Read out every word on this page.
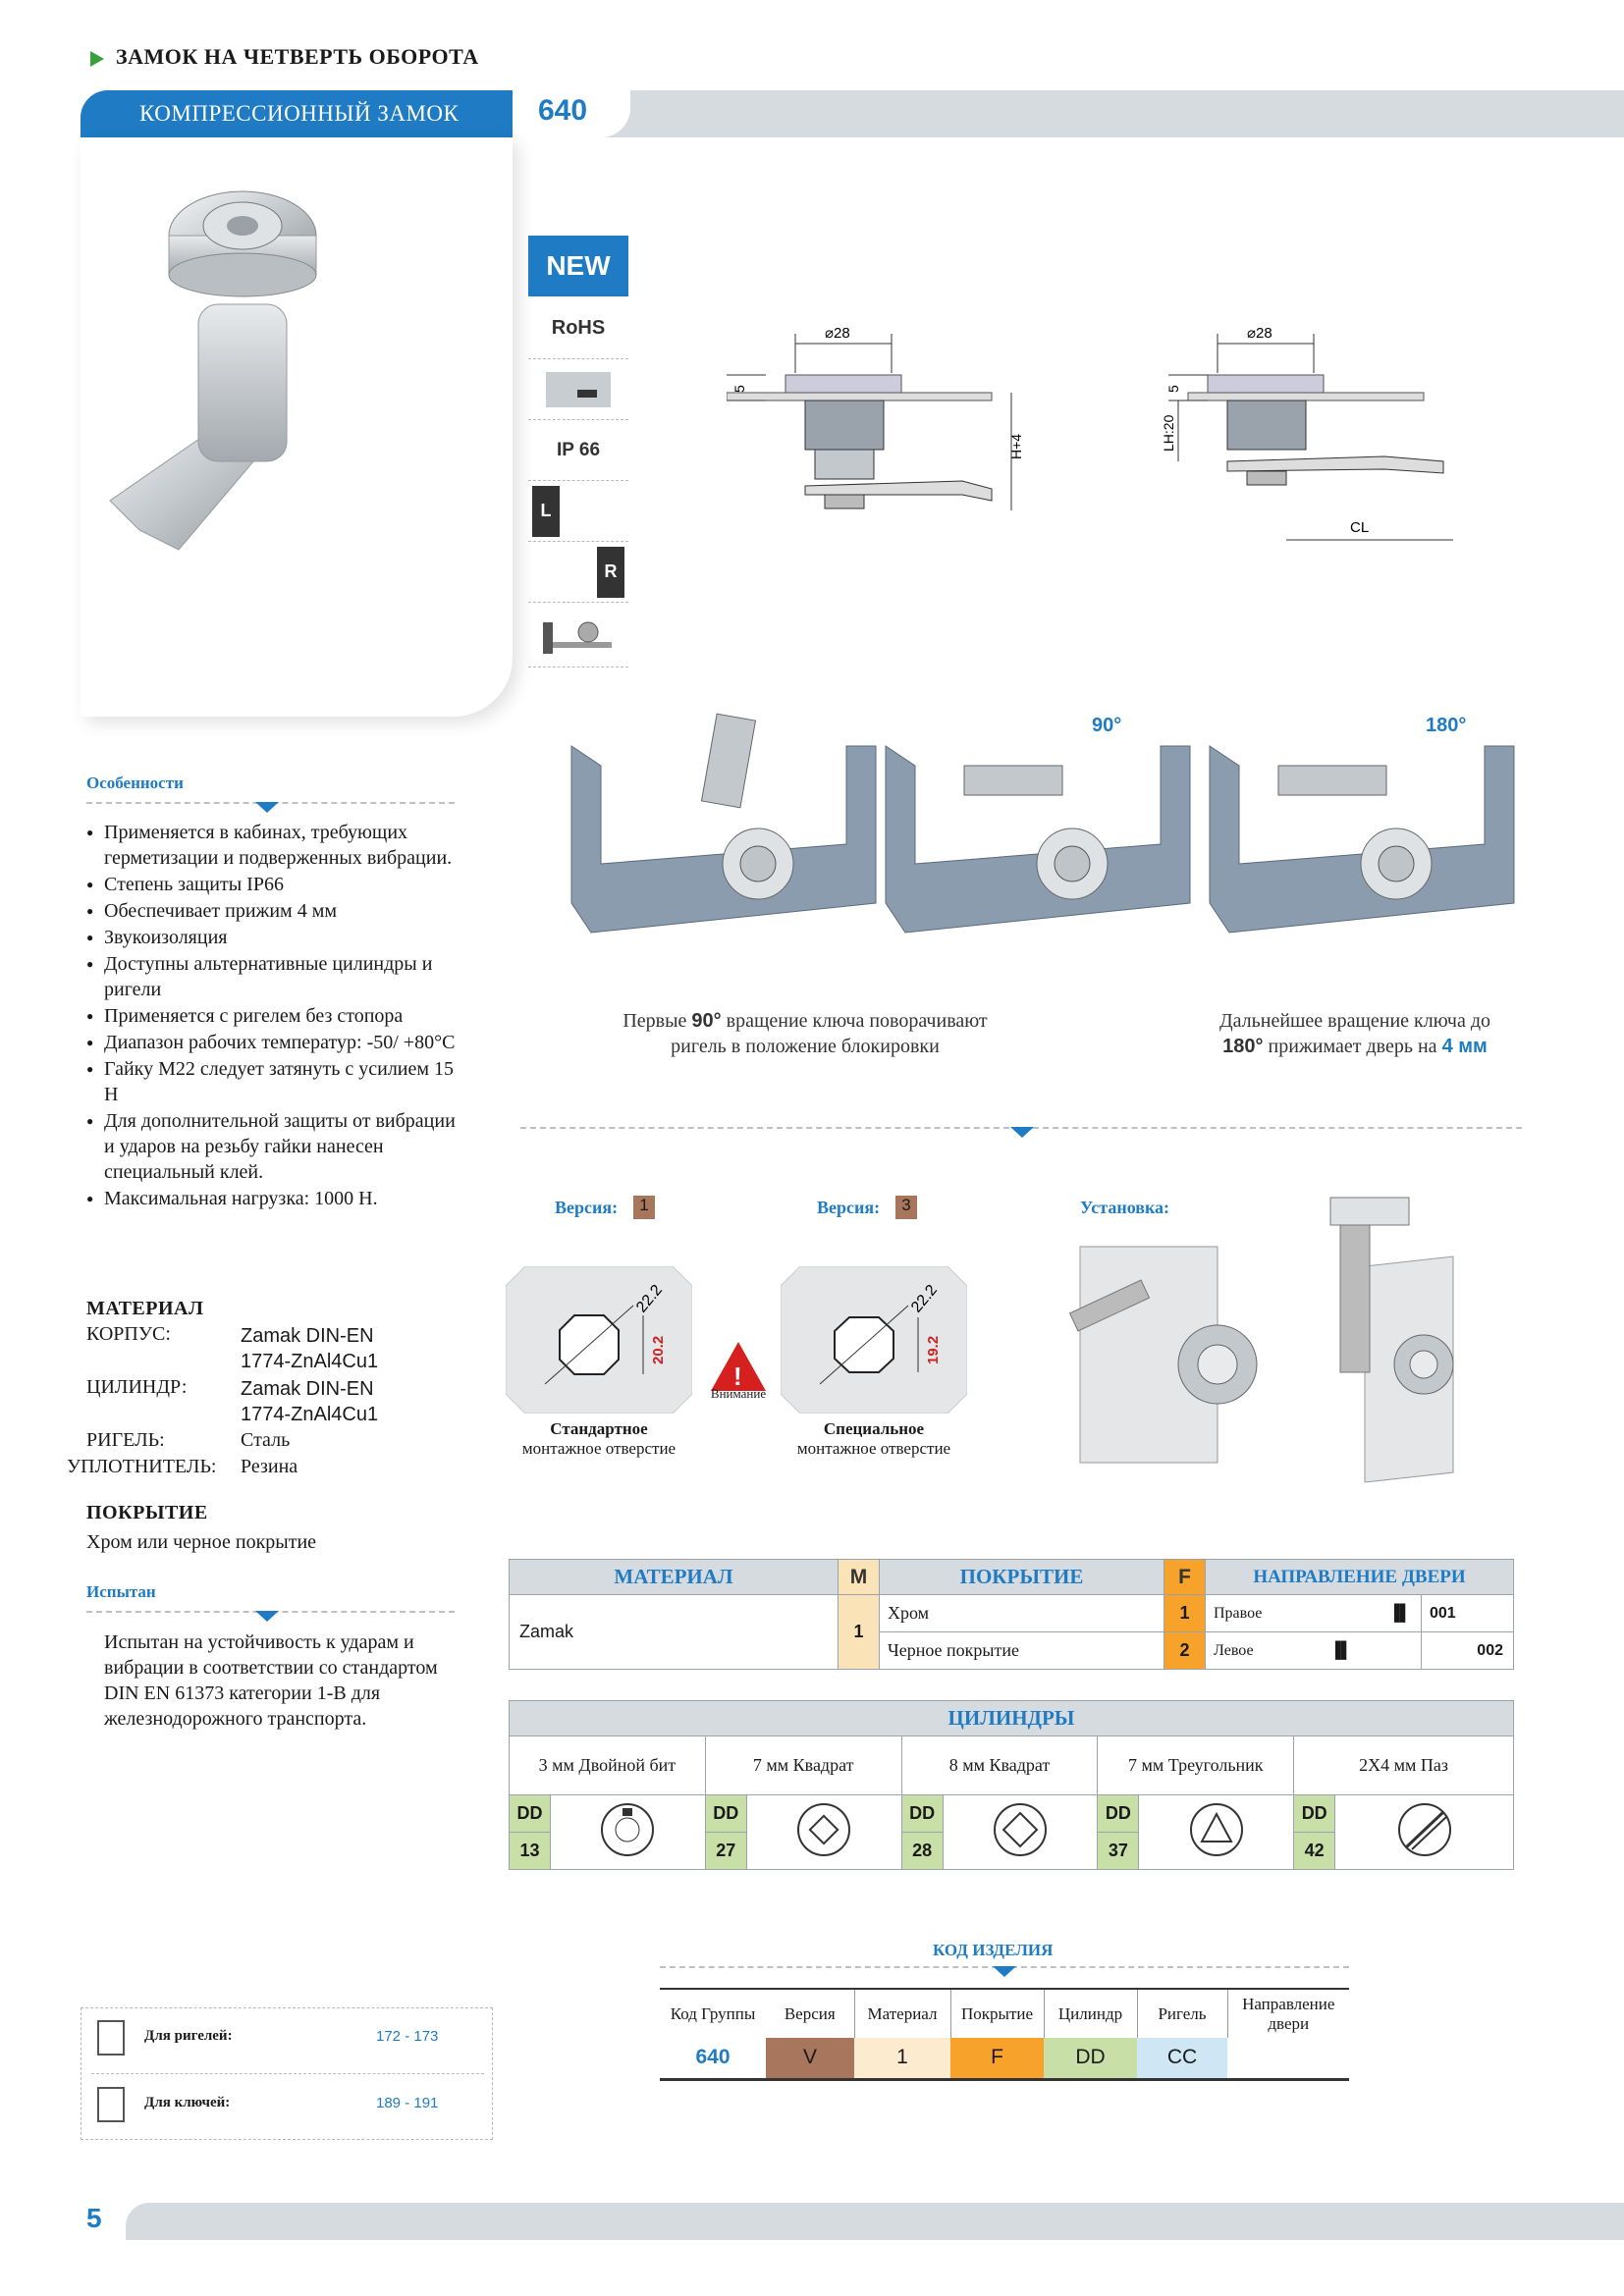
ЗАМОК НА ЧЕТВЕРТЬ ОБОРОТА
КОМПРЕССИОННЫЙ ЗАМОК	640
NEW
RoHS
IP 66
L
R
⌀28
5
H+4
⌀28
5
LH:20
CL
90°	180°
Первые 90° вращение ключа поворачивают
ригель в положение блокировки
Дальнейшее вращение ключа до
180° прижимает дверь на 4 мм
Особенности
● Применяется в кабинах, требующих герметизации и подверженных вибрации.
● Степень защиты IP66
● Обеспечивает прижим 4 мм
● Звукоизоляция
● Доступны альтернативные цилиндры и ригели
● Применяется с ригелем без стопора
● Диапазон рабочих температур: -50/ +80°С
● Гайку М22 следует затянуть с усилием 15 Н
● Для дополнительной защиты от вибрации и ударов на резьбу гайки нанесен специальный клей.
● Максимальная нагрузка: 1000 Н.
МАТЕРИАЛ
КОРПУС:	Zamak DIN-EN 1774-ZnAl4Cu1
ЦИЛИНДР:	Zamak DIN-EN 1774-ZnAl4Cu1
РИГЕЛЬ:	Сталь
УПЛОТНИТЕЛЬ: Резина
ПОКРЫТИЕ
Хром или черное покрытие
Испытан
Испытан на устойчивость к ударам и вибрации в соответствии со стандартом DIN EN 61373 категории 1-B для железнодорожного транспорта.
Версия:	1	Версия:	3	Установка:
22.2
20.2
Стандартное
монтажное отверстие
!
Внимание
22.2
19.2
Специальное
монтажное отверстие
МАТЕРИАЛ	M	ПОКРЫТИЕ	F	НАПРАВЛЕНИЕ ДВЕРИ	
Zamak	1	Хром	1	Правое ▐▌	001
		Черное покрытие	2	Левое ▐▌	002
ЦИЛИНДРЫ									
3 мм Двойной бит		7 мм Квадрат		8 мм Квадрат		7 мм Треугольник		2X4 мм Паз	
DD		DD		DD		DD		DD	
13		27		28		37		42	
КОД ИЗДЕЛИЯ
Код Группы	Версия	Материал	Покрытие	Цилиндр	Ригель	Направление двери
640	V	1	F	DD	CC	
Для ригелей:	172 - 173
Для ключей:	189 - 191
5
